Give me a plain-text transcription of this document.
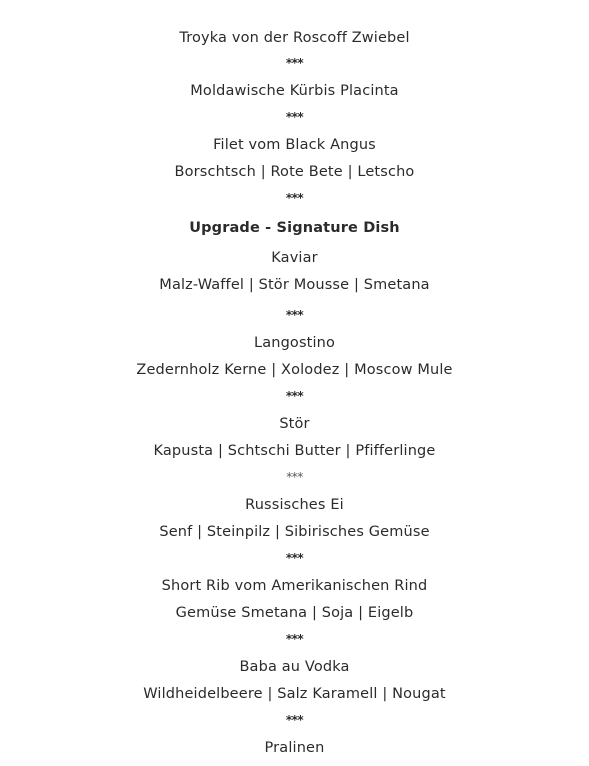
Troyka von der Roscoff Zwiebel
***
Moldawische Kürbis Placinta
***
Filet vom Black Angus
Borschtsch | Rote Bete | Letscho
***
Upgrade - Signature Dish
Kaviar
Malz-Waffel | Stör Mousse | Smetana
***
Langostino
Zedernholz Kerne | Xolodez | Moscow Mule
***
Stör
Kapusta | Schtschi Butter | Pfifferlinge
***
Russisches Ei
Senf | Steinpilz | Sibirisches Gemüse
***
Short Rib vom Amerikanischen Rind
Gemüse Smetana | Soja | Eigelb
***
Baba au Vodka
Wildheidelbeere | Salz Karamell | Nougat
***
Pralinen
